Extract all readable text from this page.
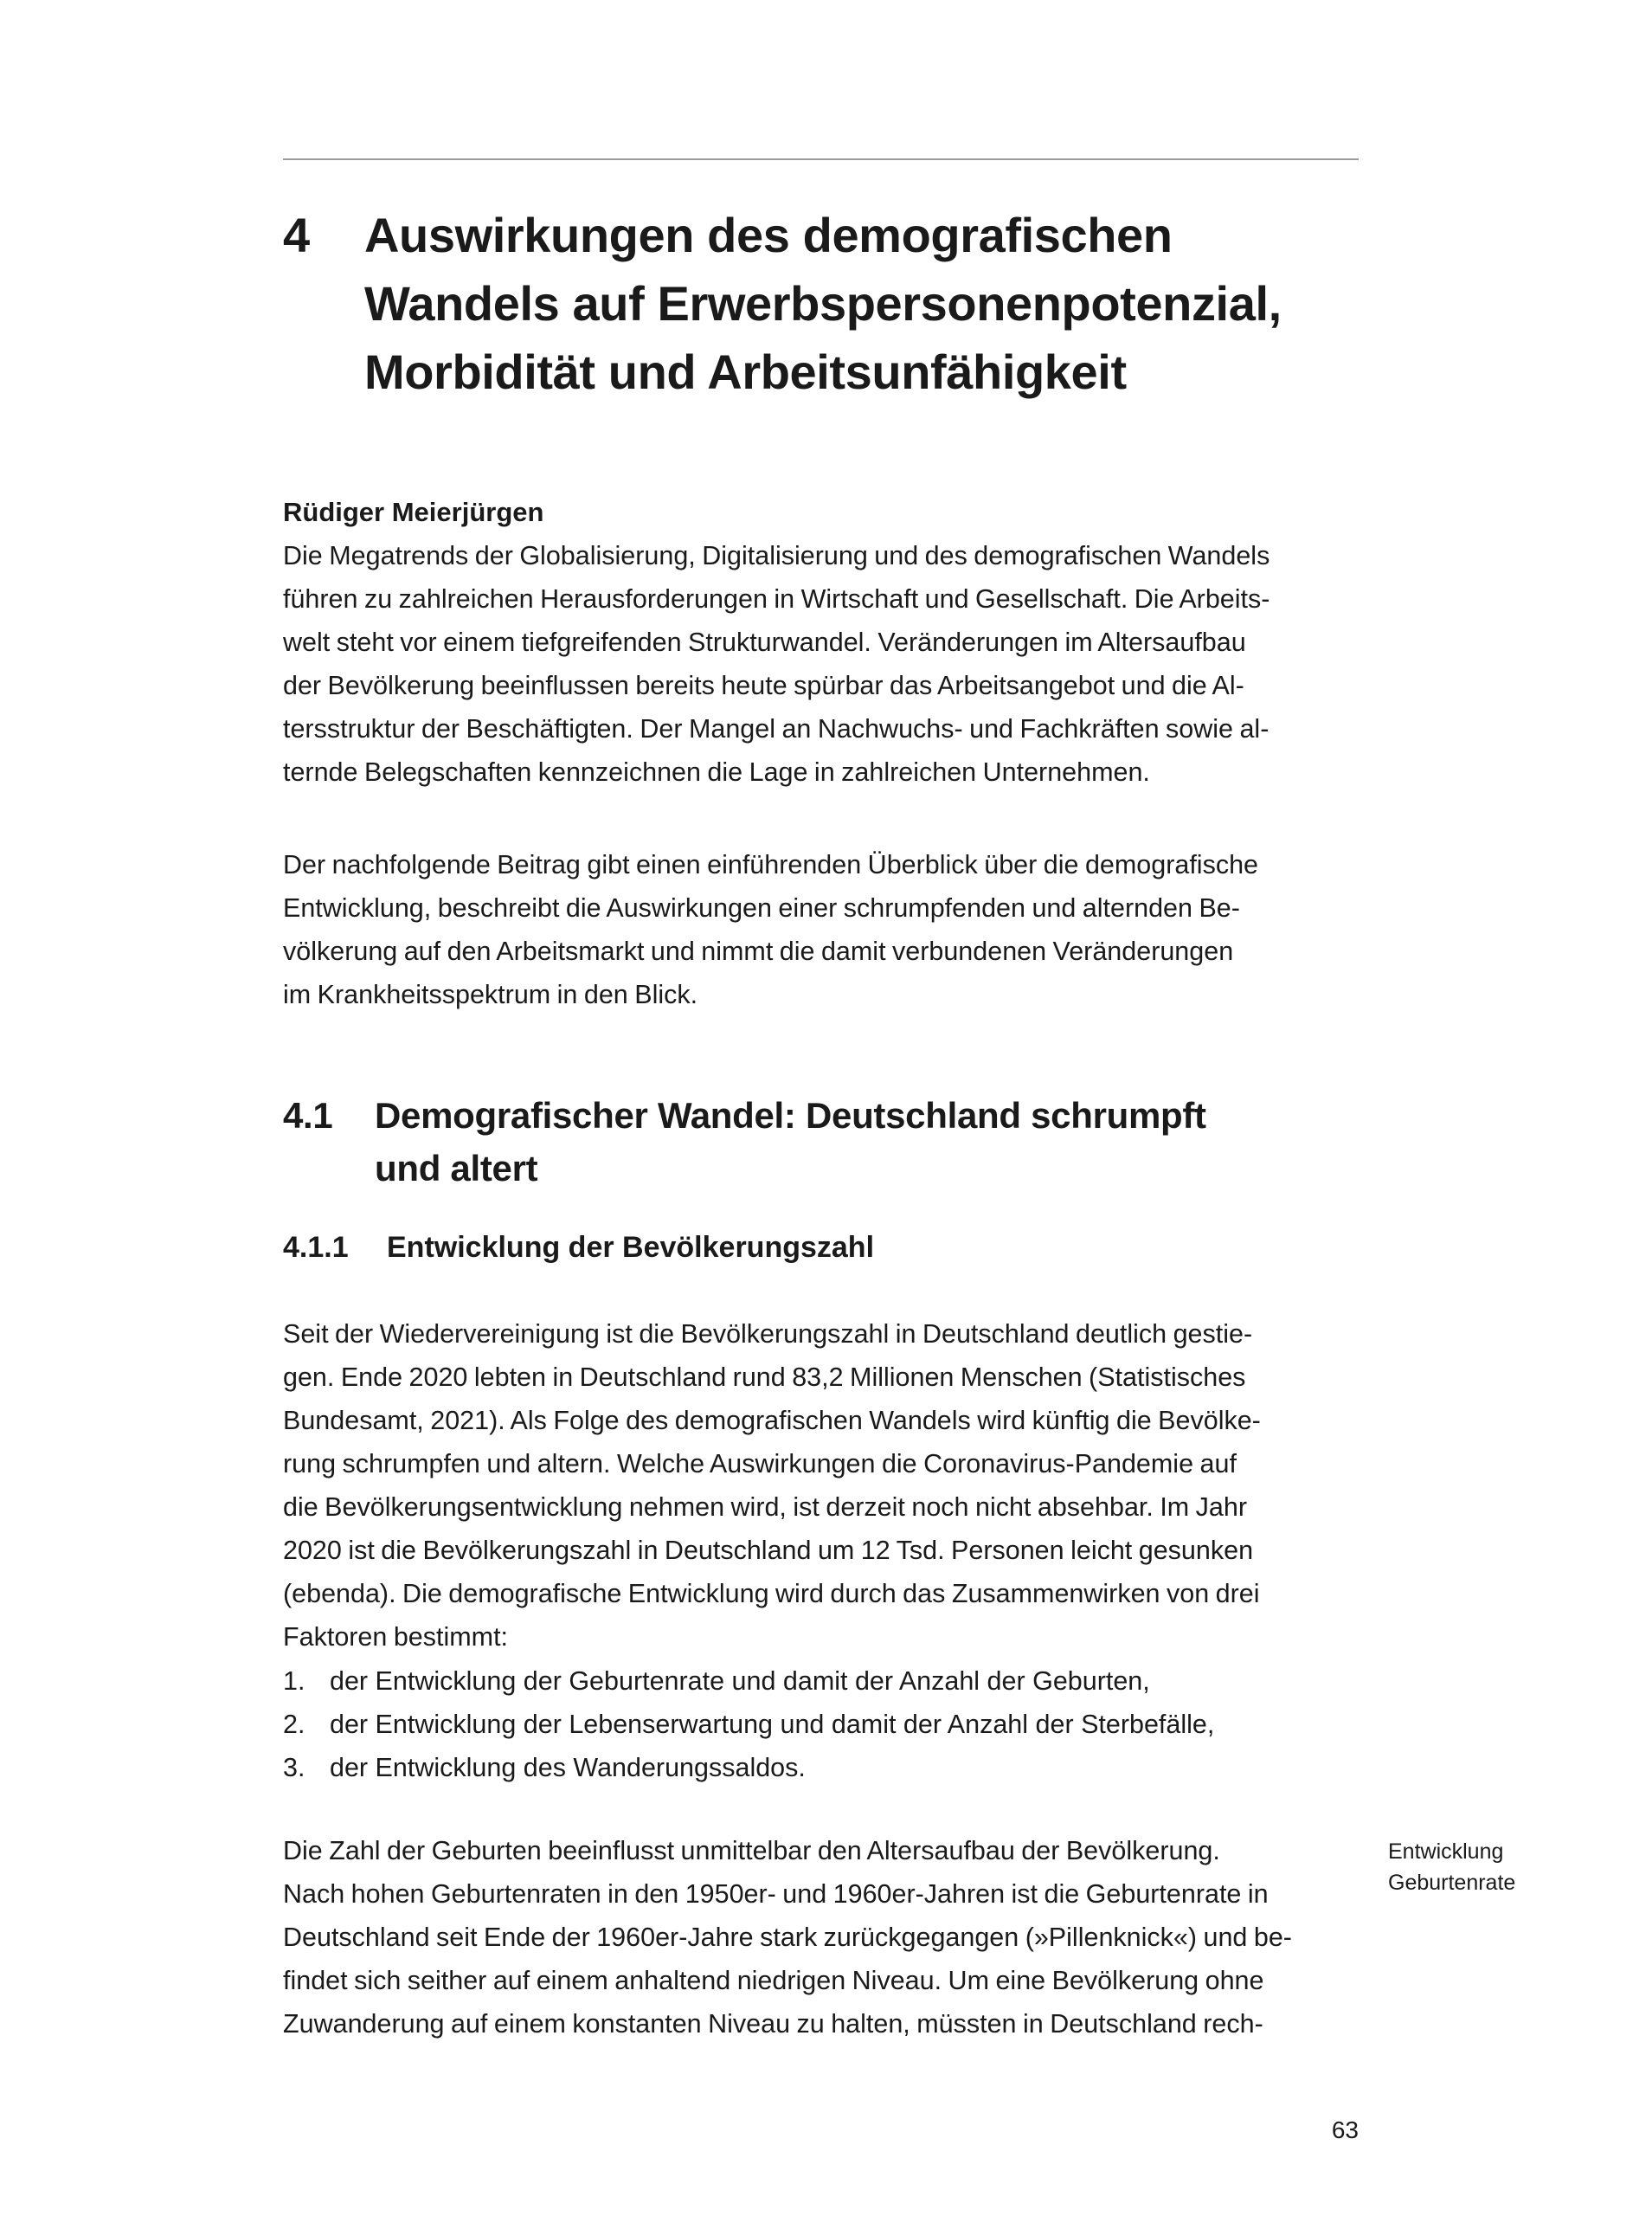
4	Auswirkungen des demografischen
Wandels auf Erwerbspersonenpotenzial,
Morbidität und Arbeitsunfähigkeit
Rüdiger Meierjürgen
Die Megatrends der Globalisierung, Digitalisierung und des demografischen Wandels
führen zu zahlreichen Herausforderungen in Wirtschaft und Gesellschaft. Die Arbeits-
welt steht vor einem tiefgreifenden Strukturwandel. Veränderungen im Altersaufbau
der Bevölkerung beeinflussen bereits heute spürbar das Arbeitsangebot und die Al-
tersstruktur der Beschäftigten. Der Mangel an Nachwuchs- und Fachkräften sowie al-
ternde Belegschaften kennzeichnen die Lage in zahlreichen Unternehmen.
Der nachfolgende Beitrag gibt einen einführenden Überblick über die demografische
Entwicklung, beschreibt die Auswirkungen einer schrumpfenden und alternden Be-
völkerung auf den Arbeitsmarkt und nimmt die damit verbundenen Veränderungen
im Krankheitsspektrum in den Blick.
4.1	Demografischer Wandel: Deutschland schrumpft
und altert
4.1.1	Entwicklung der Bevölkerungszahl
Seit der Wiedervereinigung ist die Bevölkerungszahl in Deutschland deutlich gestie-
gen. Ende 2020 lebten in Deutschland rund 83,2 Millionen Menschen (Statistisches
Bundesamt, 2021). Als Folge des demografischen Wandels wird künftig die Bevölke-
rung schrumpfen und altern. Welche Auswirkungen die Coronavirus-Pandemie auf
die Bevölkerungsentwicklung nehmen wird, ist derzeit noch nicht absehbar. Im Jahr
2020 ist die Bevölkerungszahl in Deutschland um 12 Tsd. Personen leicht gesunken
(ebenda). Die demografische Entwicklung wird durch das Zusammenwirken von drei
Faktoren bestimmt:
1. der Entwicklung der Geburtenrate und damit der Anzahl der Geburten,
2. der Entwicklung der Lebenserwartung und damit der Anzahl der Sterbefälle,
3. der Entwicklung des Wanderungssaldos.
Die Zahl der Geburten beeinflusst unmittelbar den Altersaufbau der Bevölkerung.
Nach hohen Geburtenraten in den 1950er- und 1960er-Jahren ist die Geburtenrate in
Deutschland seit Ende der 1960er-Jahre stark zurückgegangen (»Pillenknick«) und be-
findet sich seither auf einem anhaltend niedrigen Niveau. Um eine Bevölkerung ohne
Zuwanderung auf einem konstanten Niveau zu halten, müssten in Deutschland rech-
Entwicklung
Geburtenrate
63
